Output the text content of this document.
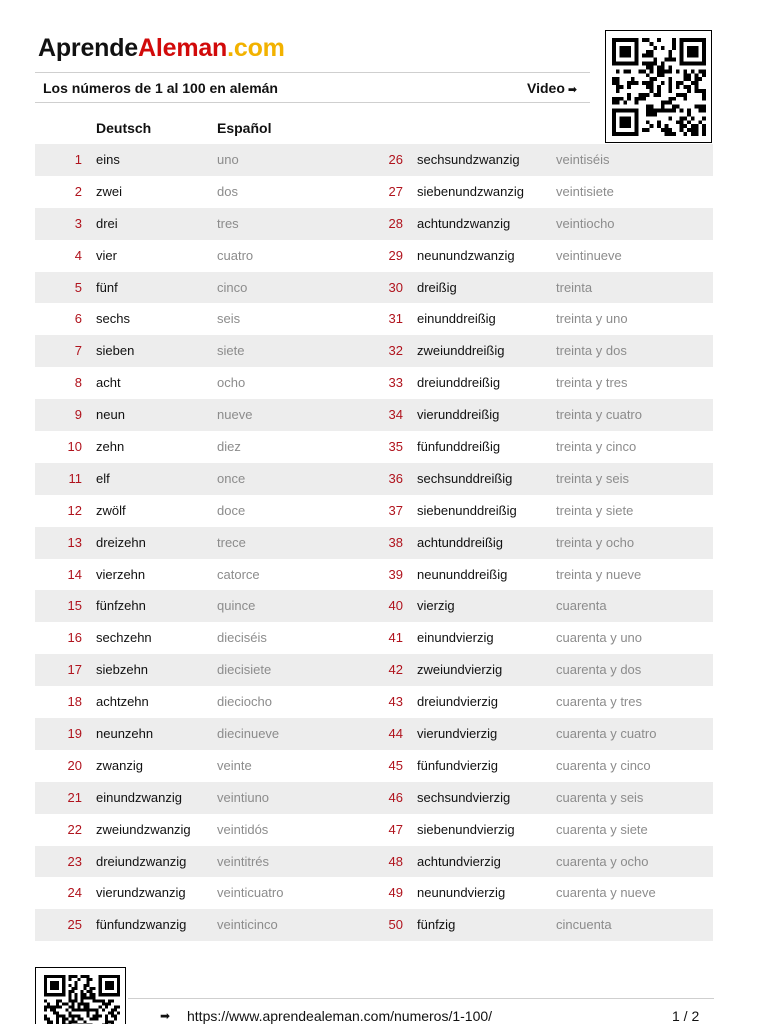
AprendeAleman.com
Los números de 1 al 100 en alemán	Video ➡
Deutsch	Español
1 eins	uno	26 sechsundzwanzig	veintiséis
2 zwei	dos	27 siebenundzwanzig veintisiete
3 drei	tres	28 achtundzwanzig	veintiocho
4 vier	cuatro	29 neunundzwanzig	veintinueve
5 fünf	cinco	30 dreißig	treinta
6 sechs	seis	31 einunddreißig	treinta y uno
7 sieben	siete	32 zweiunddreißig	treinta y dos
8 acht	ocho	33 dreiunddreißig	treinta y tres
9 neun	nueve	34 vierunddreißig	treinta y cuatro
10 zehn	diez	35 fünfunddreißig	treinta y cinco
11 elf	once	36 sechsunddreißig	treinta y seis
12 zwölf	doce	37 siebenunddreißig	treinta y siete
13 dreizehn	trece	38 achtunddreißig	treinta y ocho
14 vierzehn	catorce	39 neununddreißig	treinta y nueve
15 fünfzehn	quince	40 vierzig	cuarenta
16 sechzehn	dieciséis	41 einundvierzig	cuarenta y uno
17 siebzehn	diecisiete	42 zweiundvierzig	cuarenta y dos
18 achtzehn	dieciocho	43 dreiundvierzig	cuarenta y tres
19 neunzehn	diecinueve	44 vierundvierzig	cuarenta y cuatro
20 zwanzig	veinte	45 fünfundvierzig	cuarenta y cinco
21 einundzwanzig	veintiuno	46 sechsundvierzig	cuarenta y seis
22 zweiundzwanzig veintidós	47 siebenundvierzig	cuarenta y siete
23 dreiundzwanzig veintitrés	48 achtundvierzig	cuarenta y ocho
24 vierundzwanzig veinticuatro	49 neunundvierzig	cuarenta y nueve
25 fünfundzwanzig veinticinco	50 fünfzig	cincuenta
➡ https://www.aprendealeman.com/numeros/1-100/	1 / 2
